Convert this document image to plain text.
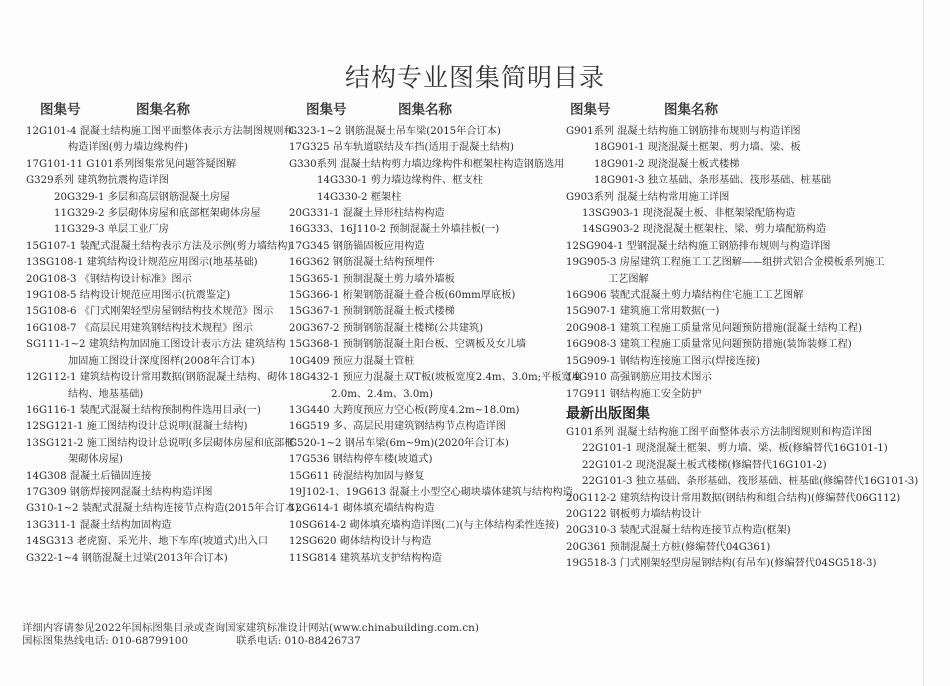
结构专业图集简明目录
图集号	图集名称	图集号	图集名称	图集号	图集名称
12G101-4 混凝土结构施工图平面整体表示方法制图规则和
构造详图(剪力墙边缘构件)
17G101-11 G101系列图集常见问题答疑图解
G329系列 建筑物抗震构造详图
20G329-1 多层和高层钢筋混凝土房屋
11G329-2 多层砌体房屋和底部框架砌体房屋
11G329-3 单层工业厂房
15G107-1 装配式混凝土结构表示方法及示例(剪力墙结构)
13SG108-1 建筑结构设计规范应用图示(地基基础)
20G108-3 《钢结构设计标准》图示
19G108-5 结构设计规范应用图示(抗震鉴定)
15G108-6 《门式刚架轻型房屋钢结构技术规范》图示
16G108-7 《高层民用建筑钢结构技术规程》图示
SG111-1~2 建筑结构加固施工图设计表示方法 建筑结构
加固施工图设计深度图样(2008年合订本)
12G112-1 建筑结构设计常用数据(钢筋混凝土结构、砌体
结构、地基基础)
16G116-1 装配式混凝土结构预制构件选用目录(一)
12SG121-1 施工图结构设计总说明(混凝土结构)
13SG121-2 施工图结构设计总说明(多层砌体房屋和底部框
架砌体房屋)
14G308 混凝土后锚固连接
17G309 钢筋焊接网混凝土结构构造详图
G310-1~2 装配式混凝土结构连接节点构造(2015年合订本)
13G311-1 混凝土结构加固构造
14SG313 老虎窗、采光井、地下车库(坡道式)出入口
G322-1~4 钢筋混凝土过梁(2013年合订本)
G323-1~2 钢筋混凝土吊车梁(2015年合订本)
17G325 吊车轨道联结及车挡(适用于混凝土结构)
G330系列 混凝土结构剪力墙边缘构件和框架柱构造钢筋选用
14G330-1 剪力墙边缘构件、框支柱
14G330-2 框架柱
20G331-1 混凝土异形柱结构构造
16G333、16J110-2 预制混凝土外墙挂板(一)
17G345 钢筋锚固板应用构造
16G362 钢筋混凝土结构预埋件
15G365-1 预制混凝土剪力墙外墙板
15G366-1 桁架钢筋混凝土叠合板(60mm厚底板)
15G367-1 预制钢筋混凝土板式楼梯
20G367-2 预制钢筋混凝土楼梯(公共建筑)
15G368-1 预制钢筋混凝土阳台板、空调板及女儿墙
10G409 预应力混凝土管桩
18G432-1 预应力混凝土双T板(坡板宽度2.4m、3.0m;平板宽度
2.0m、2.4m、3.0m)
13G440 大跨度预应力空心板(跨度4.2m~18.0m)
16G519 多、高层民用建筑钢结构节点构造详图
G520-1~2 钢吊车梁(6m~9m)(2020年合订本)
17G536 钢结构停车楼(坡道式)
15G611 砖混结构加固与修复
19J102-1、19G613 混凝土小型空心砌块墙体建筑与结构构造
12G614-1 砌体填充墙结构构造
10SG614-2 砌体填充墙构造详图(二)(与主体结构柔性连接)
12SG620 砌体结构设计与构造
11SG814 建筑基坑支护结构构造
G901系列 混凝土结构施工钢筋排布规则与构造详图
18G901-1 现浇混凝土框架、剪力墙、梁、板
18G901-2 现浇混凝土板式楼梯
18G901-3 独立基础、条形基础、筏形基础、桩基础
G903系列 混凝土结构常用施工详图
13SG903-1 现浇混凝土板、非框架梁配筋构造
14SG903-2 现浇混凝土框架柱、梁、剪力墙配筋构造
12SG904-1 型钢混凝土结构施工钢筋排布规则与构造详图
19G905-3 房屋建筑工程施工工艺图解——组拼式铝合金模板系列施工
工艺图解
16G906 装配式混凝土剪力墙结构住宅施工工艺图解
15G907-1 建筑施工常用数据(一)
20G908-1 建筑工程施工质量常见问题预防措施(混凝土结构工程)
16G908-3 建筑工程施工质量常见问题预防措施(装饰装修工程)
15G909-1 钢结构连接施工图示(焊接连接)
14G910 高强钢筋应用技术图示
17G911 钢结构施工安全防护
最新出版图集
G101系列 混凝土结构施工图平面整体表示方法制图规则和构造详图
22G101-1 现浇混凝土框架、剪力墙、梁、板(修编替代16G101-1)
22G101-2 现浇混凝土板式楼梯(修编替代16G101-2)
22G101-3 独立基础、条形基础、筏形基础、桩基础(修编替代16G101-3)
20G112-2 建筑结构设计常用数据(钢结构和组合结构)(修编替代06G112)
20G122 钢板剪力墙结构设计
20G310-3 装配式混凝土结构连接节点构造(框架)
20G361 预制混凝土方桩(修编替代04G361)
19G518-3 门式刚架轻型房屋钢结构(有吊车)(修编替代04SG518-3)
详细内容请参见2022年国标图集目录或查询国家建筑标准设计网站(www.chinabuilding.com.cn)
国标图集热线电话: 010-68799100	联系电话: 010-88426737
